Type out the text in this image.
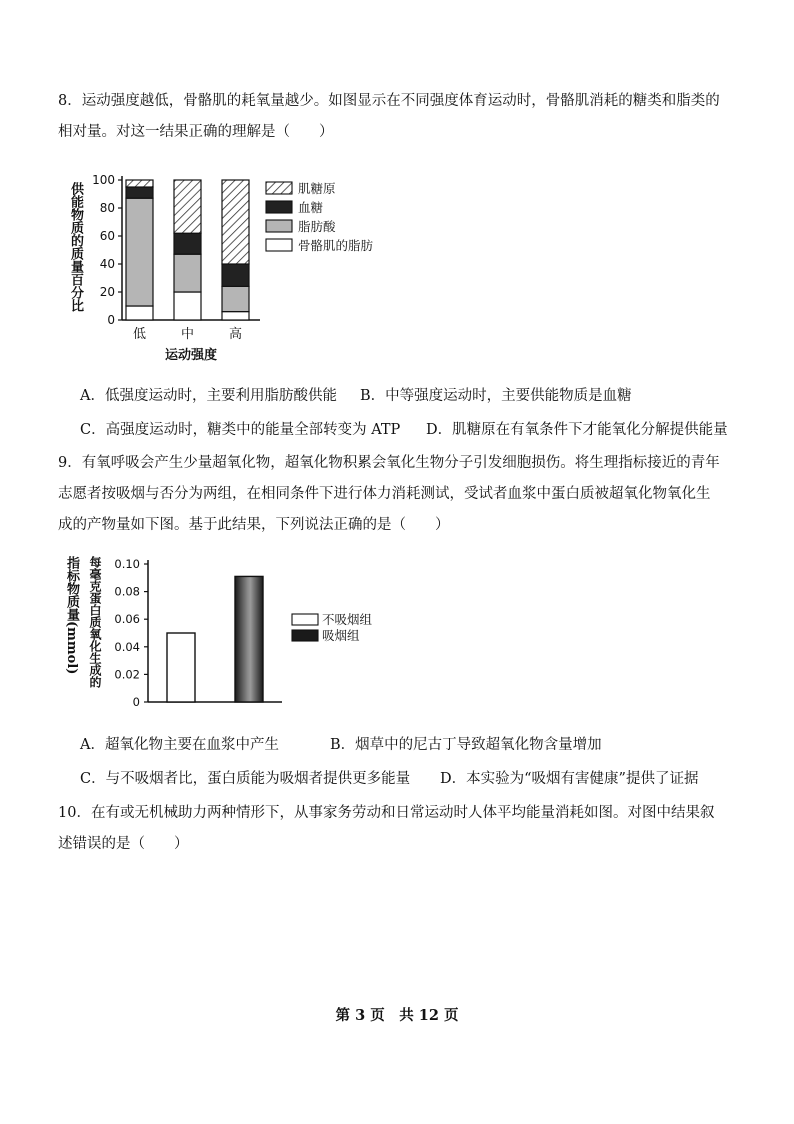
8．运动强度越低，骨骼肌的耗氧量越少。如图显示在不同强度体育运动时，骨骼肌消耗的糖类和脂类的
相对量。对这一结果正确的理解是（　　）
100
80
60
40
20
0
低	中	高
肌糖原
血糖
脂肪酸
骨骼肌的脂肪
供能物质的质量百分比
运动强度
A．低强度运动时，主要利用脂肪酸供能 B．中等强度运动时，主要供能物质是血糖
C．高强度运动时，糖类中的能量全部转变为 ATP D．肌糖原在有氧条件下才能氧化分解提供能量
9．有氧呼吸会产生少量超氧化物，超氧化物积累会氧化生物分子引发细胞损伤。将生理指标接近的青年
志愿者按吸烟与否分为两组，在相同条件下进行体力消耗测试，受试者血浆中蛋白质被超氧化物氧化生
成的产物量如下图。基于此结果，下列说法正确的是（　　）
0.10
0.08
0.06
0.04
0.02
0
不吸烟组
吸烟组
指标物质量(mmol) 每毫克蛋白质氧化生成的
A．超氧化物主要在血浆中产生	B．烟草中的尼古丁导致超氧化物含量增加
C．与不吸烟者比，蛋白质能为吸烟者提供更多能量 D．本实验为“吸烟有害健康”提供了证据
10．在有或无机械助力两种情形下，从事家务劳动和日常运动时人体平均能量消耗如图。对图中结果叙
述错误的是（　　）
第 3 页　共 12 页
